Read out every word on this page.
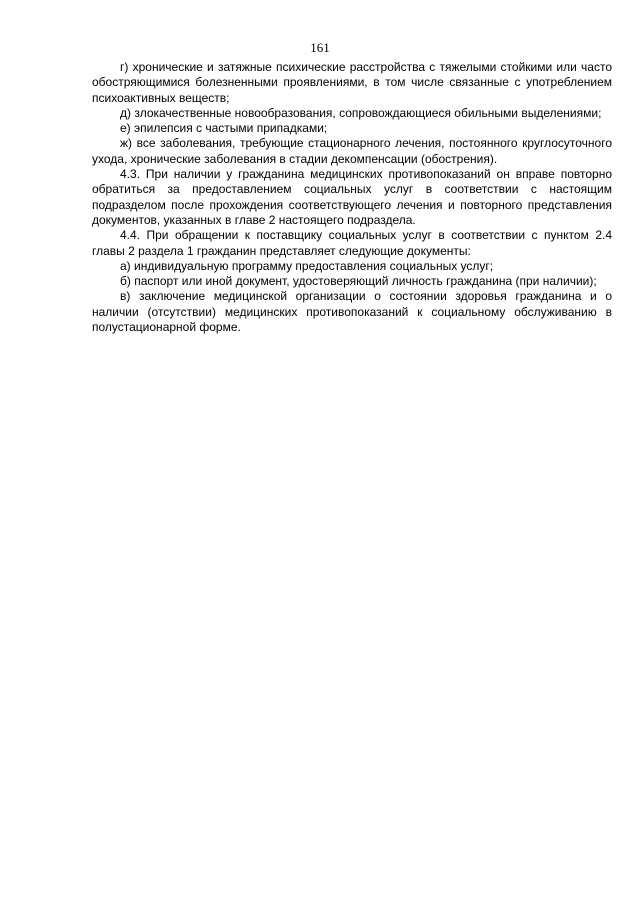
161

г) хронические и затяжные психические расстройства с тяжелыми стойкими или часто обостряющимися болезненными проявлениями, в том числе связанные с употреблением психоактивных веществ;

д) злокачественные новообразования, сопровождающиеся обильными выделениями;

е) эпилепсия с частыми припадками;

ж) все заболевания, требующие стационарного лечения, постоянного круглосуточного ухода, хронические заболевания в стадии декомпенсации (обострения).

4.3. При наличии у гражданина медицинских противопоказаний он вправе повторно обратиться за предоставлением социальных услуг в соответствии с настоящим подразделом после прохождения соответствующего лечения и повторного представления документов, указанных в главе 2 настоящего подраздела.

4.4. При обращении к поставщику социальных услуг в соответствии с пунктом 2.4 главы 2 раздела 1 гражданин представляет следующие документы:

а) индивидуальную программу предоставления социальных услуг;

б) паспорт или иной документ, удостоверяющий личность гражданина (при наличии);

в) заключение медицинской организации о состоянии здоровья гражданина и о наличии (отсутствии) медицинских противопоказаний к социальному обслуживанию в полустационарной форме.
